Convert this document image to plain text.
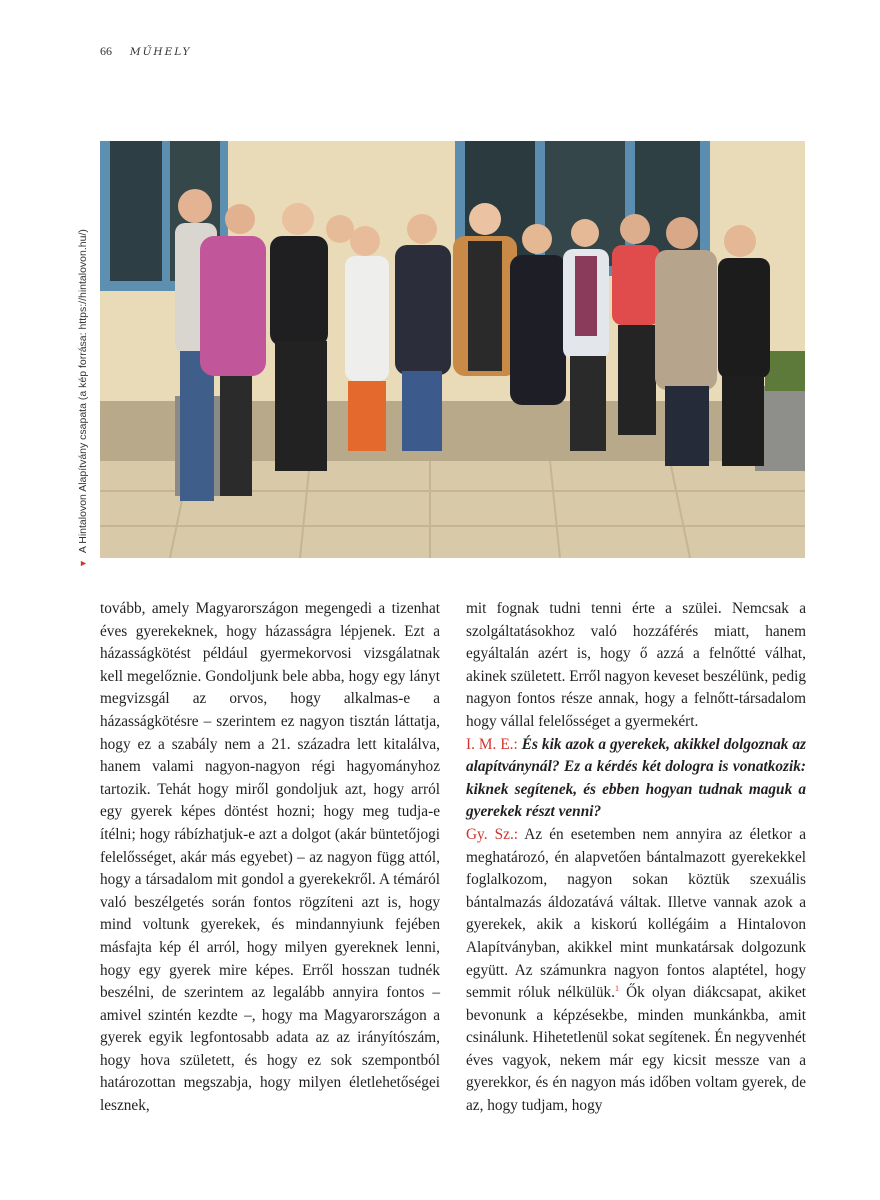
66 MŰHELY
▼A Hintalovon Alapítvány csapata (a kép forrása: https://hintalovon.hu/)

tovább, amely Magyarországon megengedi a tizenhat éves gyerekeknek, hogy házasságra lépjenek. Ezt a házasságkötést például gyermekorvosi vizsgálatnak kell megelőznie. Gondoljunk bele abba, hogy egy lányt megvizsgál az orvos, hogy alkalmas-e a házasságkötésre – szerintem ez nagyon tisztán láttatja, hogy ez a szabály nem a 21. századra lett kitalálva, hanem valami nagyon-nagyon régi hagyományhoz tartozik. Tehát hogy miről gondoljuk azt, hogy arról egy gyerek képes döntést hozni; hogy meg tudja-e ítélni; hogy rábízhatjuk-e azt a dolgot (akár büntetőjogi felelősséget, akár más egyebet) – az nagyon függ attól, hogy a társadalom mit gondol a gyerekekről. A témáról való beszélgetés során fontos rögzíteni azt is, hogy mind voltunk gyerekek, és mindannyiunk fejében másfajta kép él arról, hogy milyen gyereknek lenni, hogy egy gyerek mire képes. Erről hosszan tudnék beszélni, de szerintem az legalább annyira fontos – amivel szintén kezdte –, hogy ma Magyarországon a gyerek egyik legfontosabb adata az az irányítószám, hogy hova született, és hogy ez sok szempontból határozottan megszabja, hogy milyen életlehetőségei lesznek,

mit fognak tudni tenni érte a szülei. Nemcsak a szolgáltatásokhoz való hozzáférés miatt, hanem egyáltalán azért is, hogy ő azzá a felnőtté válhat, akinek született. Erről nagyon keveset beszélünk, pedig nagyon fontos része annak, hogy a felnőtt-társadalom hogy vállal felelősséget a gyermekért.

I. M. E.: És kik azok a gyerekek, akikkel dolgoznak az alapítványnál? Ez a kérdés két dologra is vonatkozik: kiknek segítenek, és ebben hogyan tudnak maguk a gyerekek részt venni?

Gy. Sz.: Az én esetemben nem annyira az életkor a meghatározó, én alapvetően bántalmazott gyerekekkel foglalkozom, nagyon sokan köztük szexuális bántalmazás áldozatává váltak. Illetve vannak azok a gyerekek, akik a kiskorú kollégáim a Hintalovon Alapítványban, akikkel mint munkatársak dolgozunk együtt. Az számunkra nagyon fontos alaptétel, hogy semmit róluk nélkülük.$^1$ Ők olyan diákcsapat, akiket bevonunk a képzésekbe, minden munkánkba, amit csinálunk. Hihetetlenül sokat segítenek. Én negyvenhét éves vagyok, nekem már egy kicsit messze van a gyerekkor, és én nagyon más időben voltam gyerek, de az, hogy tudjam, hogy
